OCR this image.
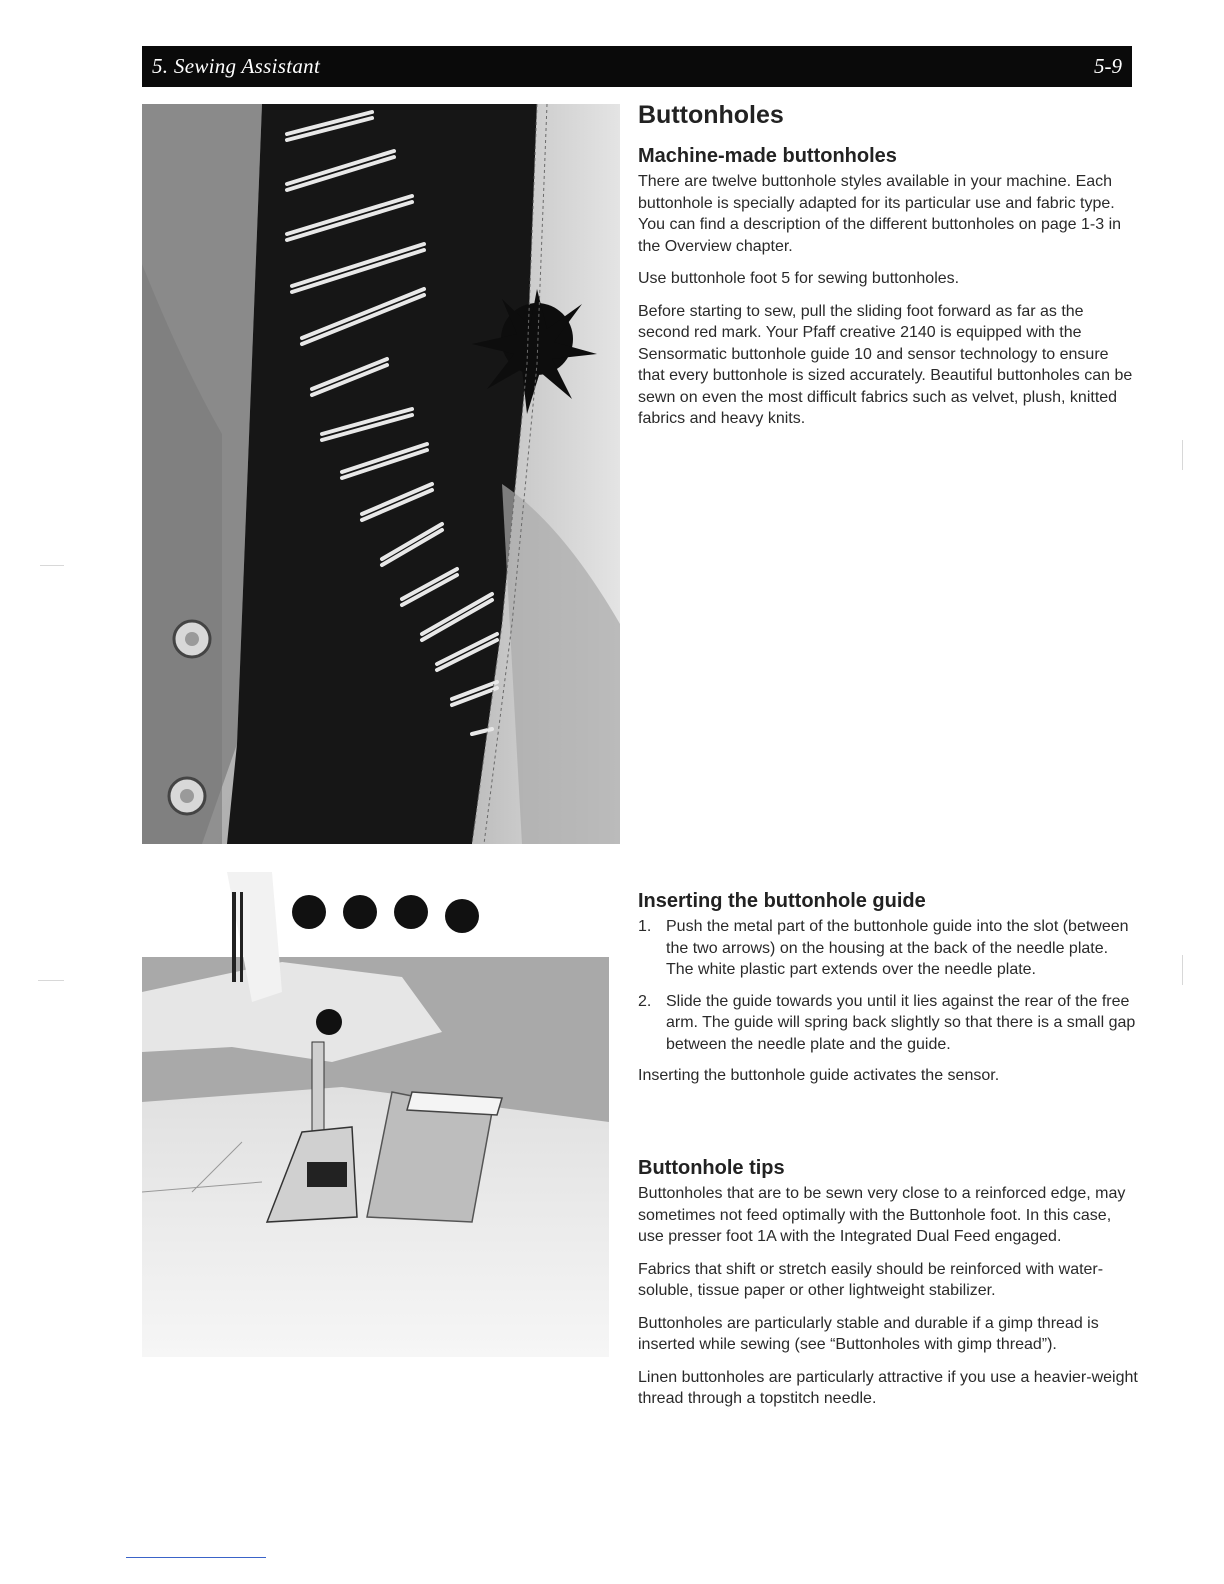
5. Sewing Assistant	5-9
Buttonholes
Machine-made buttonholes

There are twelve buttonhole styles available in your machine. Each buttonhole is specially adapted for its particular use and fabric type. You can find a description of the different buttonholes on page 1-3 in the Overview chapter.

Use buttonhole foot 5 for sewing buttonholes.

Before starting to sew, pull the sliding foot forward as far as the second red mark. Your Pfaff creative 2140 is equipped with the Sensormatic buttonhole guide 10 and sensor technology to ensure that every buttonhole is sized accurately. Beautiful buttonholes can be sewn on even the most difficult fabrics such as velvet, plush, knitted fabrics and heavy knits.

Inserting the buttonhole guide
1. Push the metal part of the buttonhole guide into the slot (between the two arrows) on the housing at the back of the needle plate. The white plastic part extends over the needle plate.
2. Slide the guide towards you until it lies against the rear of the free arm. The guide will spring back slightly so that there is a small gap between the needle plate and the guide.

Inserting the buttonhole guide activates the sensor.

Buttonhole tips

Buttonholes that are to be sewn very close to a reinforced edge, may sometimes not feed optimally with the Buttonhole foot. In this case, use presser foot 1A with the Integrated Dual Feed engaged.

Fabrics that shift or stretch easily should be reinforced with water-soluble, tissue paper or other lightweight stabilizer.

Buttonholes are particularly stable and durable if a gimp thread is inserted while sewing (see “Buttonholes with gimp thread”).

Linen buttonholes are particularly attractive if you use a heavier-weight thread through a topstitch needle.
